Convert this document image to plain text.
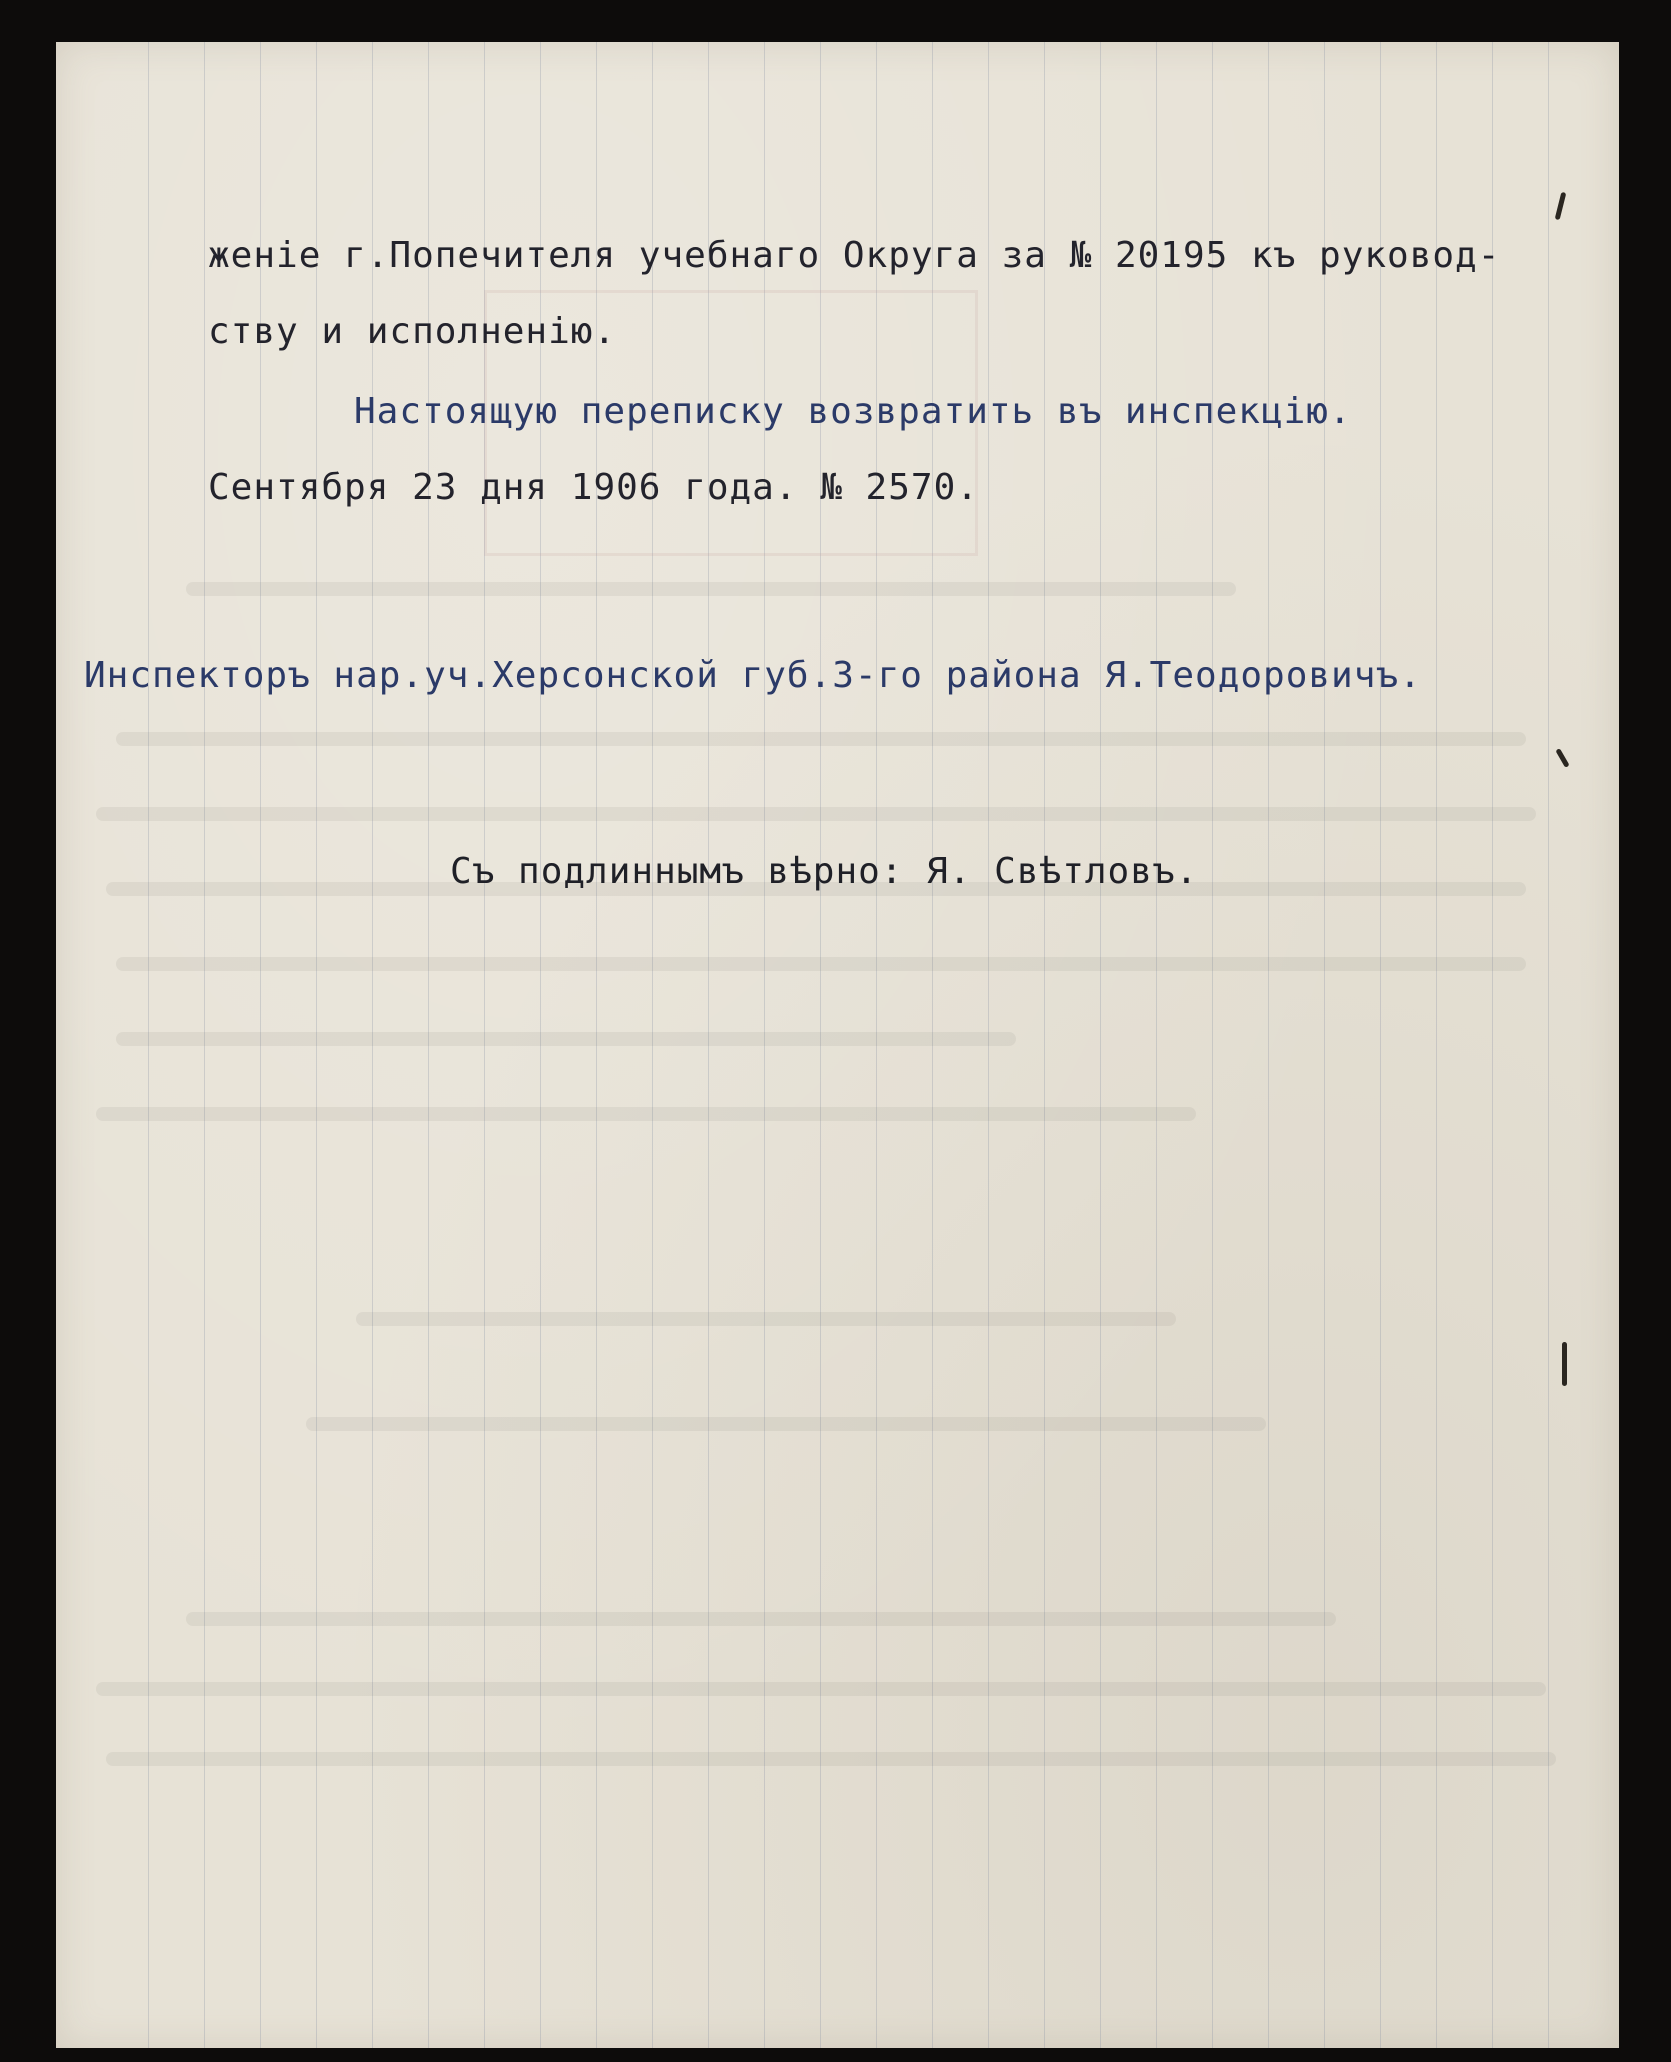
женіе г.Попечителя учебнаго Округа за № 20195 къ руковод-
ству и исполненію.
Настоящую переписку возвратить въ инспекцію.
Сентября 23 дня 1906 года. № 2570.
Инспекторъ нар.уч.Херсонской губ.3-го района Я.Теодоровичъ.
Съ подлиннымъ вѣрно: Я. Свѣтловъ.
